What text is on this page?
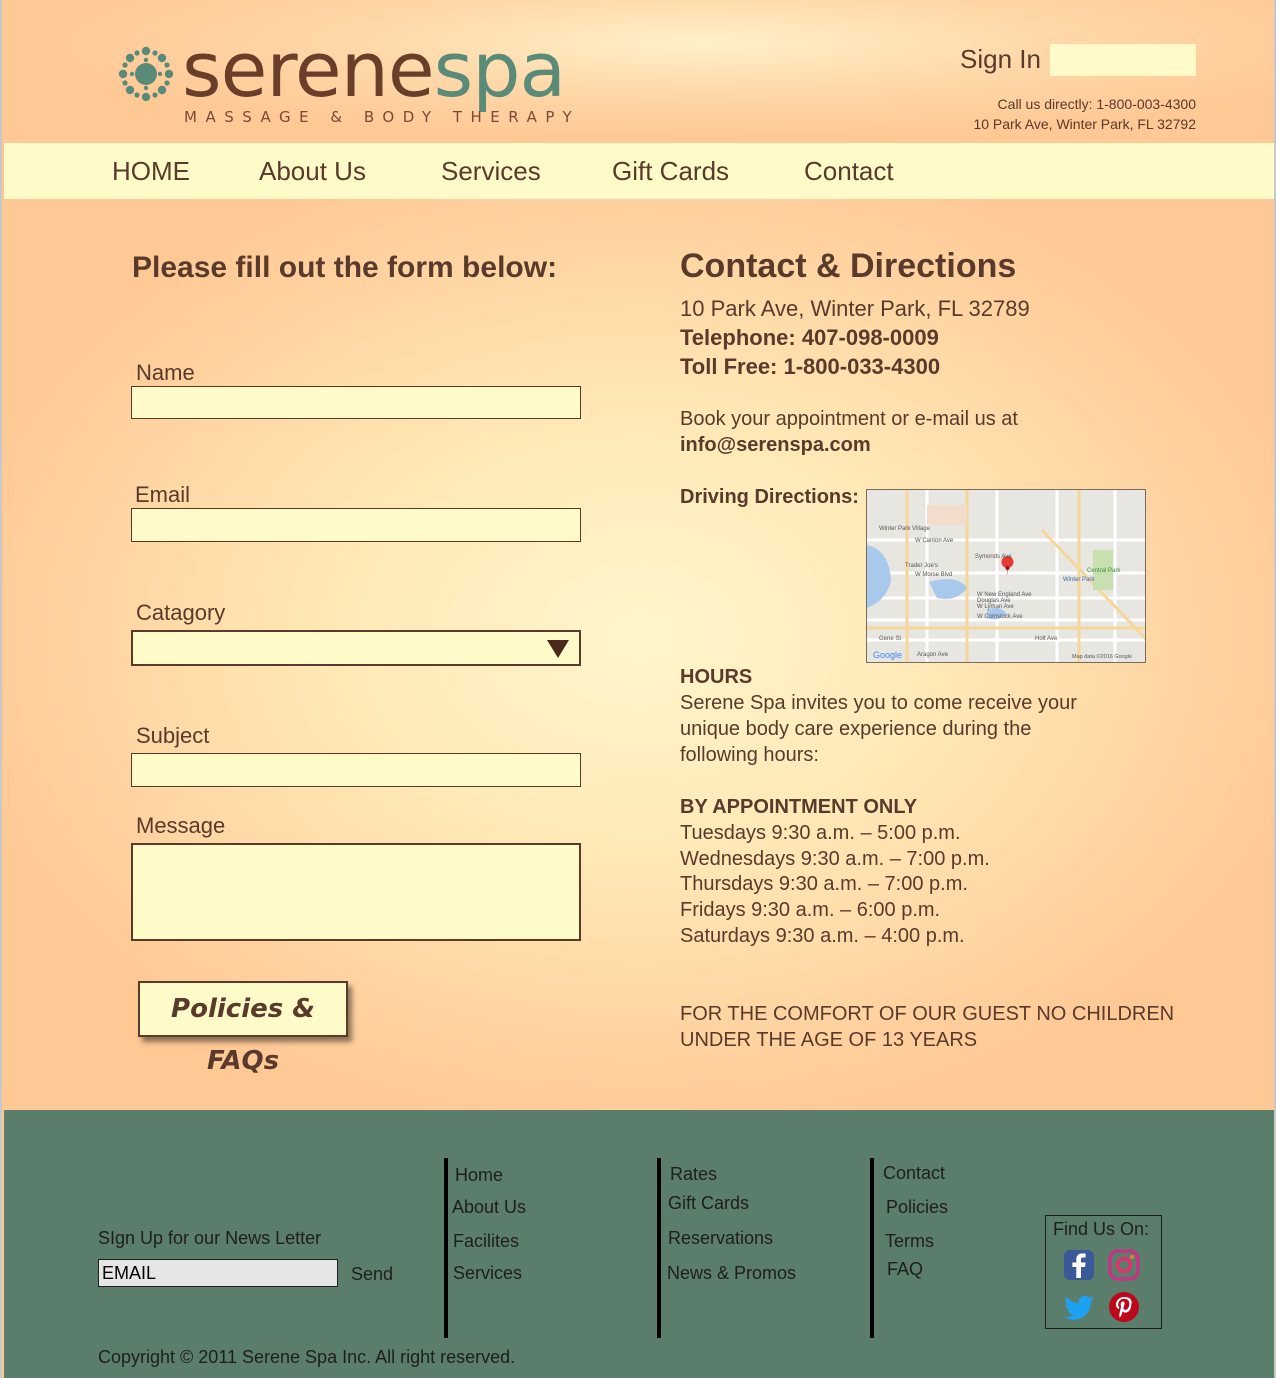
serenespa
MASSAGE & BODY THERAPY
Sign In
Call us directly: 1-800-003-4300
10 Park Ave, Winter Park, FL 32792
HOME	About Us	Services	Gift Cards	Contact
Please fill out the form below:
Name
Email
Catagory
Subject
Message
Policies & FAQs
Contact & Directions
10 Park Ave, Winter Park, FL 32789
Telephone: 407-098-0009
Toll Free: 1-800-033-4300
Book your appointment or e-mail us at
info@serenspa.com
Driving Directions:
Winter Park Village
W Canton Ave
Symonds Ave
Trader Joe's
W Morse Blvd
Central Park
Winter Park
W New England Ave
Douglas Ave
W Lyman Ave
W Comstock Ave
Gene St
Aragon Ave
Holt Ave
Map data ©2016 Google
Google
HOURS
Serene Spa invites you to come receive your
unique body care experience during the
following hours:
BY APPOINTMENT ONLY
Tuesdays 9:30 a.m. – 5:00 p.m.
Wednesdays 9:30 a.m. – 7:00 p.m.
Thursdays 9:30 a.m. – 7:00 p.m.
Fridays 9:30 a.m. – 6:00 p.m.
Saturdays 9:30 a.m. – 4:00 p.m.
FOR THE COMFORT OF OUR GUEST NO CHILDREN
UNDER THE AGE OF 13 YEARS
SIgn Up for our News Letter
EMAIL	Send
Home
About Us
Facilites
Services
Rates
Gift Cards
Reservations
News & Promos
Contact
Policies
Terms
FAQ
Find Us On:
Copyright © 2011 Serene Spa Inc. All right reserved.
